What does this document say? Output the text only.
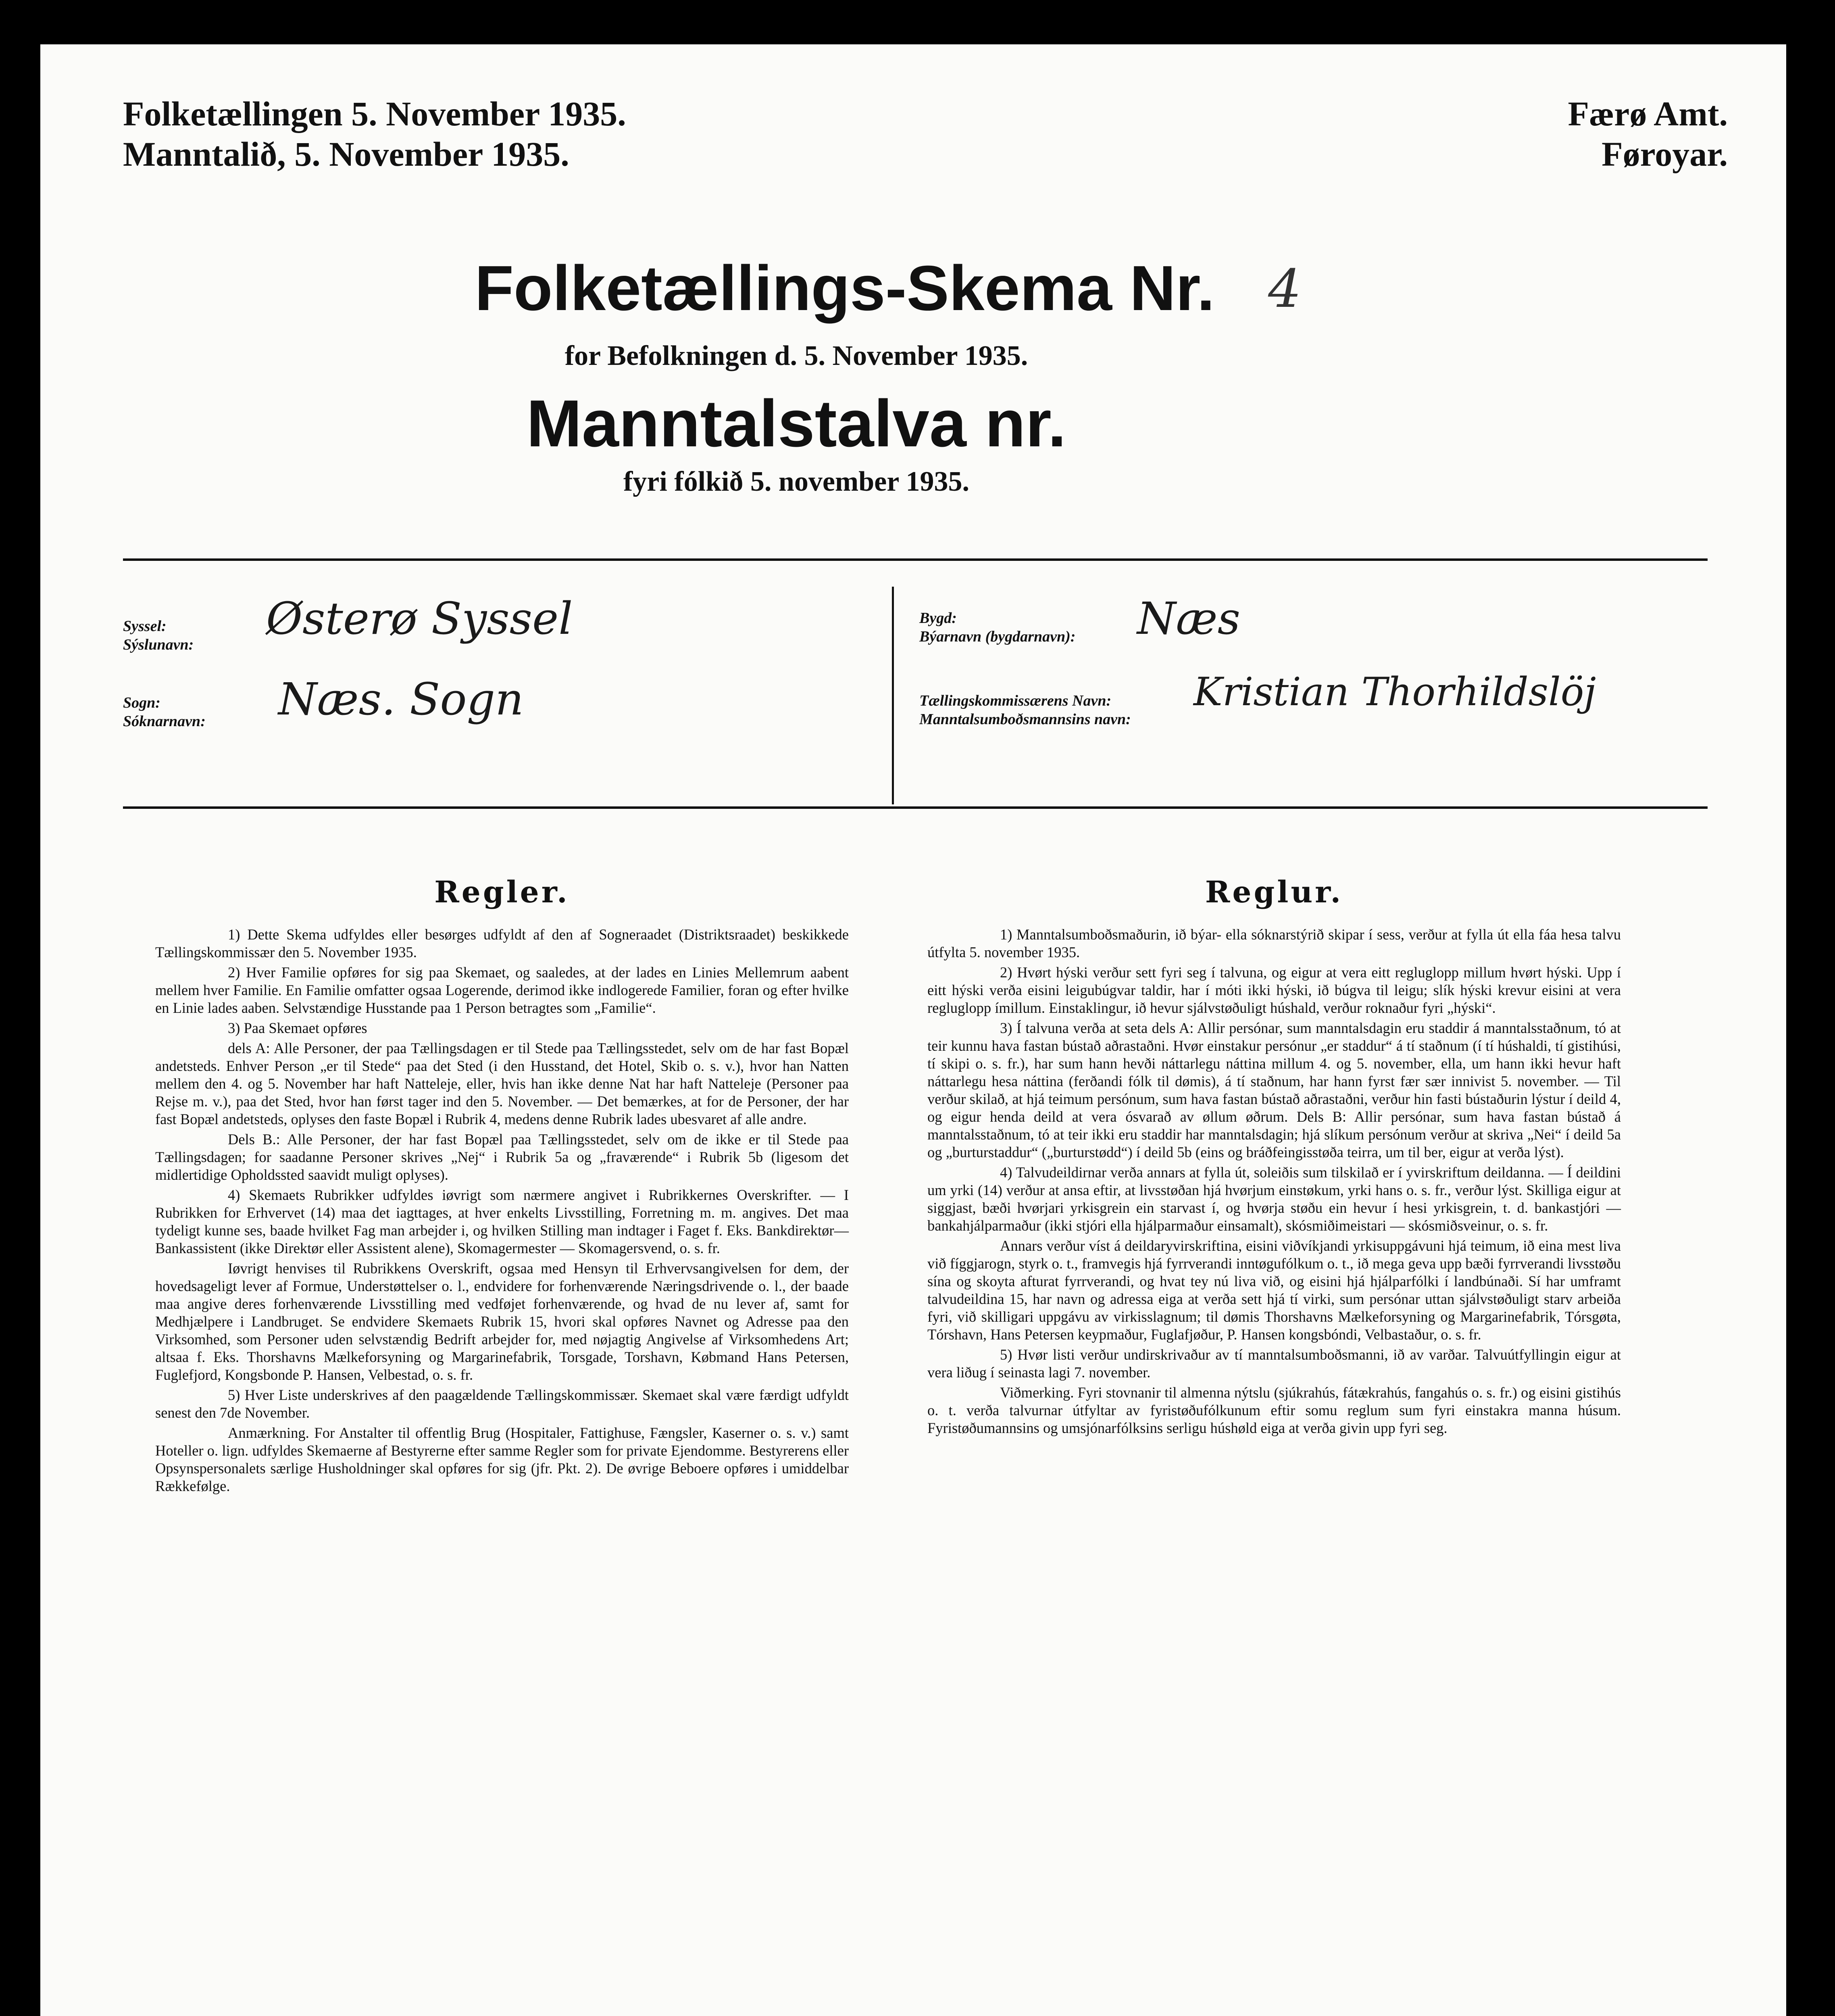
Folketællingen 5. November 1935.
Manntalið, 5. November 1935.
Færø Amt.
Føroyar.
Folketællings-Skema Nr.	4
for Befolkningen d. 5. November 1935.
Manntalstalva nr.
fyri fólkið 5. november 1935.
Syssel:
Sýslunavn:
Østerø Syssel
Sogn:
Sóknarnavn: Næs. Sogn
Bygd:
Býarnavn (bygdarnavn): Næs
Tællingskommissærens Navn:
Manntalsumboðsmannsins navn:
Kristian Thorhildslöj
Regler.

1) Dette Skema udfyldes eller besørges udfyldt af den af Sogneraadet (Distriktsraadet) beskikkede Tællingskommissær den 5. November 1935.

2) Hver Familie opføres for sig paa Skemaet, og saaledes, at der lades en Linies Mellemrum aabent mellem hver Familie. En Familie omfatter ogsaa Logerende, derimod ikke indlogerede Familier, foran og efter hvilke en Linie lades aaben. Selvstændige Husstande paa 1 Person betragtes som „Familie“.

3) Paa Skemaet opføres

dels A: Alle Personer, der paa Tællingsdagen er til Stede paa Tællingsstedet, selv om de har fast Bopæl andetsteds. Enhver Person „er til Stede“ paa det Sted (i den Husstand, det Hotel, Skib o. s. v.), hvor han Natten mellem den 4. og 5. November har haft Natteleje, eller, hvis han ikke denne Nat har haft Natteleje (Personer paa Rejse m. v.), paa det Sted, hvor han først tager ind den 5. November. — Det bemærkes, at for de Personer, der har fast Bopæl andetsteds, oplyses den faste Bopæl i Rubrik 4, medens denne Rubrik lades ubesvaret af alle andre.

Dels B.: Alle Personer, der har fast Bopæl paa Tællingsstedet, selv om de ikke er til Stede paa Tællingsdagen; for saadanne Personer skrives „Nej“ i Rubrik 5a og „fraværende“ i Rubrik 5b (ligesom det midlertidige Opholdssted saavidt muligt oplyses).

4) Skemaets Rubrikker udfyldes iøvrigt som nærmere angivet i Rubrikkernes Overskrifter. — I Rubrikken for Erhvervet (14) maa det iagttages, at hver enkelts Livsstilling, Forretning m. m. angives. Det maa tydeligt kunne ses, baade hvilket Fag man arbejder i, og hvilken Stilling man indtager i Faget f. Eks. Bankdirektør—Bankassistent (ikke Direktør eller Assistent alene), Skomagermester — Skomagersvend, o. s. fr.

Iøvrigt henvises til Rubrikkens Overskrift, ogsaa med Hensyn til Erhvervsangivelsen for dem, der hovedsageligt lever af Formue, Understøttelser o. l., endvidere for forhenværende Næringsdrivende o. l., der baade maa angive deres forhenværende Livsstilling med vedføjet forhenværende, og hvad de nu lever af, samt for Medhjælpere i Landbruget. Se endvidere Skemaets Rubrik 15, hvori skal opføres Navnet og Adresse paa den Virksomhed, som Personer uden selvstændig Bedrift arbejder for, med nøjagtig Angivelse af Virksomhedens Art; altsaa f. Eks. Thorshavns Mælkeforsyning og Margarinefabrik, Torsgade, Torshavn, Købmand Hans Petersen, Fuglefjord, Kongsbonde P. Hansen, Velbestad, o. s. fr.

5) Hver Liste underskrives af den paagældende Tællingskommissær. Skemaet skal være færdigt udfyldt senest den 7de November.

Anmærkning. For Anstalter til offentlig Brug (Hospitaler, Fattighuse, Fængsler, Kaserner o. s. v.) samt Hoteller o. lign. udfyldes Skemaerne af Bestyrerne efter samme Regler som for private Ejendomme. Bestyrerens eller Opsynspersonalets særlige Husholdninger skal opføres for sig (jfr. Pkt. 2). De øvrige Beboere opføres i umiddelbar Rækkefølge.

Reglur.

1) Manntalsumboðsmaðurin, ið býar- ella sóknarstýrið skipar í sess, verður at fylla út ella fáa hesa talvu útfylta 5. november 1935.

2) Hvørt hýski verður sett fyri seg í talvuna, og eigur at vera eitt regluglopp millum hvørt hýski. Upp í eitt hýski verða eisini leigubúgvar taldir, har í móti ikki hýski, ið búgva til leigu; slík hýski krevur eisini at vera regluglopp ímillum. Einstaklingur, ið hevur sjálvstøðuligt húshald, verður roknaður fyri „hýski“.

3) Í talvuna verða at seta dels A: Allir persónar, sum manntalsdagin eru staddir á manntalsstaðnum, tó at teir kunnu hava fastan bústað aðrastaðni. Hvør einstakur persónur „er staddur“ á tí staðnum (í tí húshaldi, tí gistihúsi, tí skipi o. s. fr.), har sum hann hevði náttarlegu náttina millum 4. og 5. november, ella, um hann ikki hevur haft náttarlegu hesa náttina (ferðandi fólk til dømis), á tí staðnum, har hann fyrst fær sær innivist 5. november. — Til verður skilað, at hjá teimum persónum, sum hava fastan bústað aðrastaðni, verður hin fasti bústaðurin lýstur í deild 4, og eigur henda deild at vera ósvarað av øllum øðrum. Dels B: Allir persónar, sum hava fastan bústað á manntalsstaðnum, tó at teir ikki eru staddir har manntalsdagin; hjá slíkum persónum verður at skriva „Nei“ í deild 5a og „burturstaddur“ („burturstødd“) í deild 5b (eins og bráðfeingisstøða teirra, um til ber, eigur at verða lýst).

4) Talvudeildirnar verða annars at fylla út, soleiðis sum tilskilað er í yvirskriftum deildanna. — Í deildini um yrki (14) verður at ansa eftir, at livsstøðan hjá hvørjum einstøkum, yrki hans o. s. fr., verður lýst. Skilliga eigur at siggjast, bæði hvørjari yrkisgrein ein starvast í, og hvørja støðu ein hevur í hesi yrkisgrein, t. d. bankastjóri — bankahjálparmaður (ikki stjóri ella hjálparmaður einsamalt), skósmiðimeistari — skósmiðsveinur, o. s. fr.

Annars verður víst á deildaryvirskriftina, eisini viðvíkjandi yrkisuppgávuni hjá teimum, ið eina mest liva við fíggjarogn, styrk o. t., framvegis hjá fyrrverandi inntøgufólkum o. t., ið mega geva upp bæði fyrrverandi livsstøðu sína og skoyta afturat fyrrverandi, og hvat tey nú liva við, og eisini hjá hjálparfólki í landbúnaði. Sí har umframt talvudeildina 15, har navn og adressa eiga at verða sett hjá tí virki, sum persónar uttan sjálvstøðuligt starv arbeiða fyri, við skilligari uppgávu av virkisslagnum; til dømis Thorshavns Mælkeforsyning og Margarinefabrik, Tórsgøta, Tórshavn, Hans Petersen keypmaður, Fuglafjøður, P. Hansen kongsbóndi, Velbastaður, o. s. fr.

5) Hvør listi verður undirskrivaður av tí manntalsumboðsmanni, ið av varðar. Talvuútfyllingin eigur at vera liðug í seinasta lagi 7. november.

Viðmerking. Fyri stovnanir til almenna nýtslu (sjúkrahús, fátækrahús, fangahús o. s. fr.) og eisini gistihús o. t. verða talvurnar útfyltar av fyristøðufólkunum eftir somu reglum sum fyri einstakra manna húsum. Fyristøðumannsins og umsjónarfólksins serligu húshøld eiga at verða givin upp fyri seg.
